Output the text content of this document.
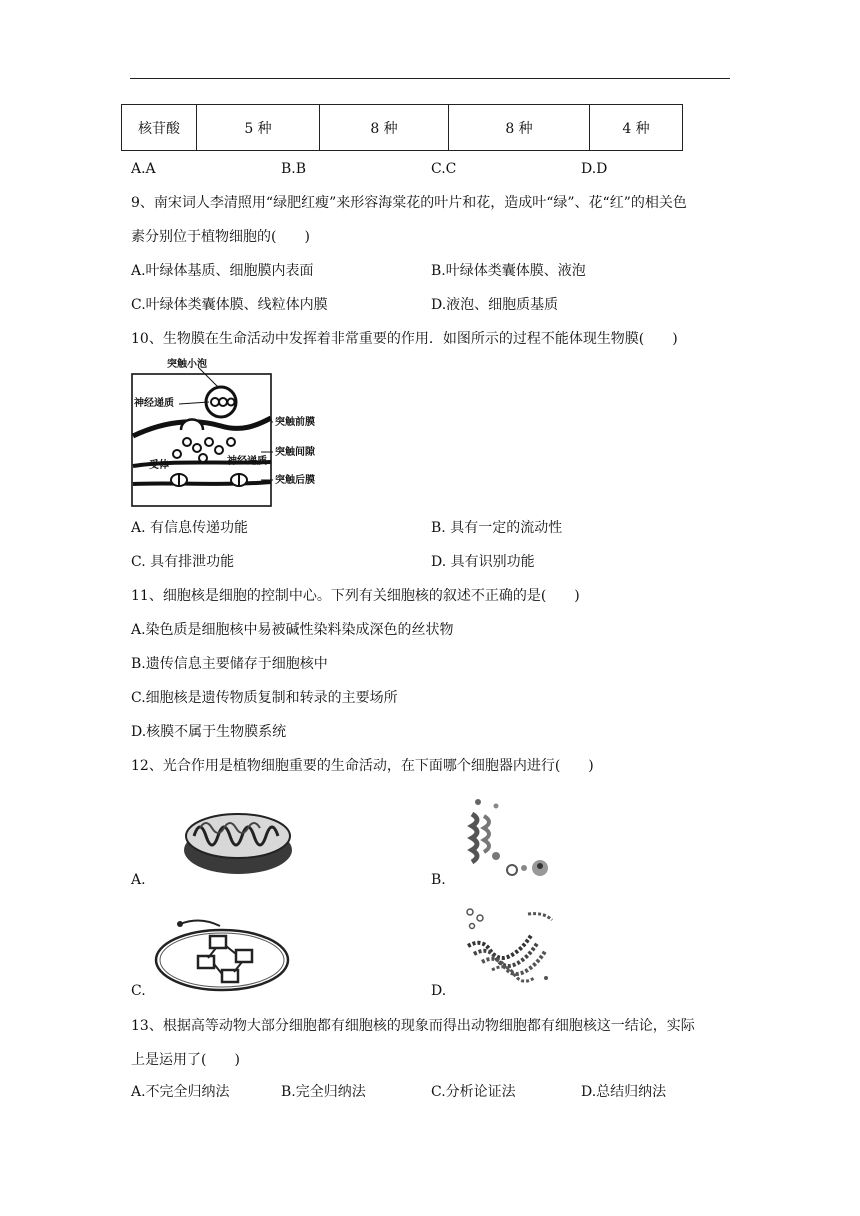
核苷酸	5 种	8 种	8 种	4 种
A.A	B.B	C.C	D.D
9、南宋词人李清照用“绿肥红瘦”来形容海棠花的叶片和花，造成叶“绿”、花“红”的相关色
素分别位于植物细胞的(　　)
A.叶绿体基质、细胞膜内表面	B.叶绿体类囊体膜、液泡
C.叶绿体类囊体膜、线粒体内膜	D.液泡、细胞质基质
10、生物膜在生命活动中发挥着非常重要的作用．如图所示的过程不能体现生物膜(　　)
突触小泡
神经递质
突触前膜
突触间隙
受体	神经递质
突触后膜
A. 有信息传递功能	B. 具有一定的流动性
C. 具有排泄功能	D. 具有识别功能
11、细胞核是细胞的控制中心。下列有关细胞核的叙述不正确的是(　　)
A.染色质是细胞核中易被碱性染料染成深色的丝状物
B.遗传信息主要储存于细胞核中
C.细胞核是遗传物质复制和转录的主要场所
D.核膜不属于生物膜系统
12、光合作用是植物细胞重要的生命活动，在下面哪个细胞器内进行(　　)
A.	B.
C.	D.
13、根据高等动物大部分细胞都有细胞核的现象而得出动物细胞都有细胞核这一结论，实际
上是运用了(　　)
A.不完全归纳法	B.完全归纳法	C.分析论证法	D.总结归纳法
